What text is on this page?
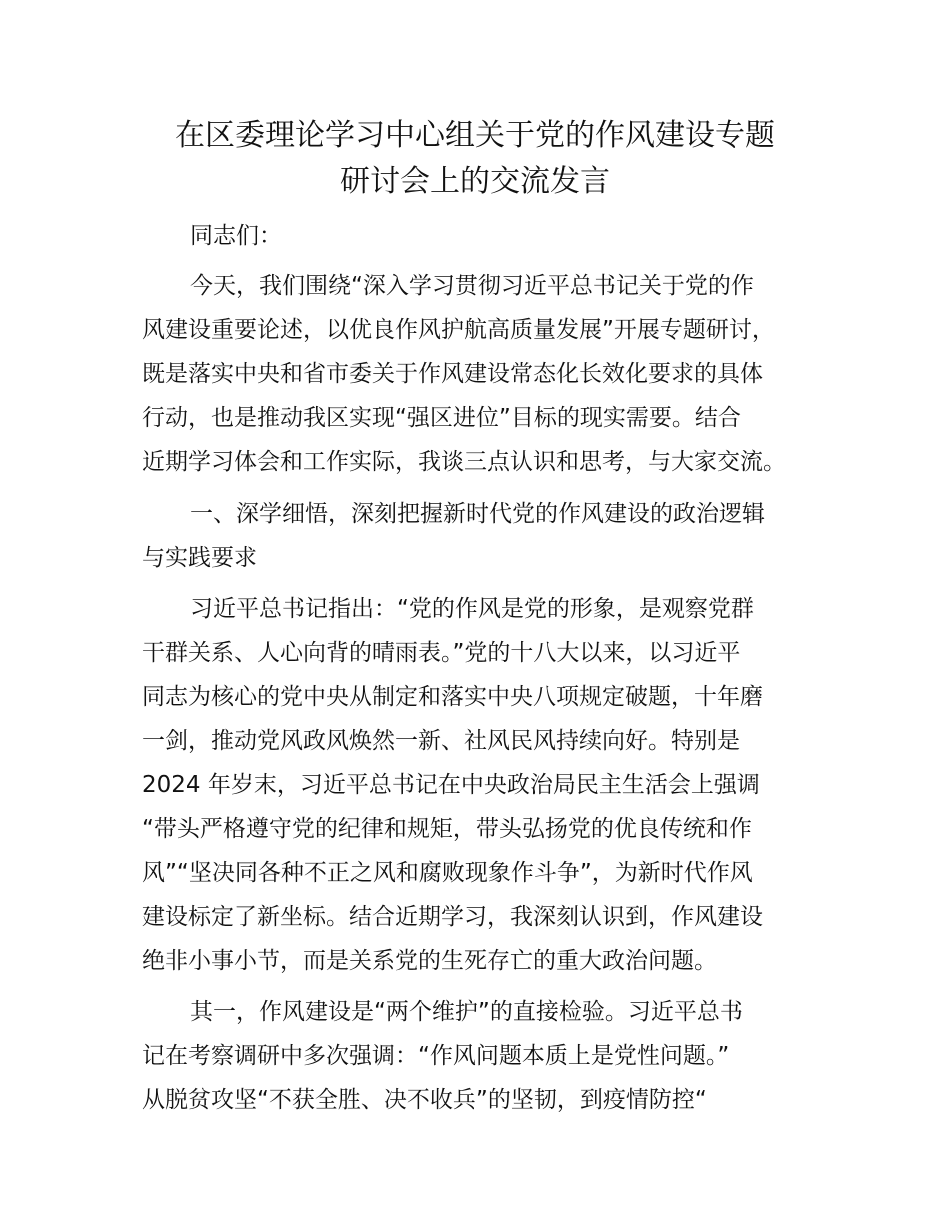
在区委理论学习中心组关于党的作风建设专题
研讨会上的交流发言

同志们：

今天，我们围绕“深入学习贯彻习近平总书记关于党的作

风建设重要论述，以优良作风护航高质量发展”开展专题研讨，

既是落实中央和省市委关于作风建设常态化长效化要求的具体

行动，也是推动我区实现“强区进位”目标的现实需要。结合

近期学习体会和工作实际，我谈三点认识和思考，与大家交流。

一、深学细悟，深刻把握新时代党的作风建设的政治逻辑

与实践要求

习近平总书记指出：“党的作风是党的形象，是观察党群

干群关系、人心向背的晴雨表。”党的十八大以来，以习近平

同志为核心的党中央从制定和落实中央八项规定破题，十年磨

一剑，推动党风政风焕然一新、社风民风持续向好。特别是

2024 年岁末，习近平总书记在中央政治局民主生活会上强调

“带头严格遵守党的纪律和规矩，带头弘扬党的优良传统和作

风”“坚决同各种不正之风和腐败现象作斗争”，为新时代作风

建设标定了新坐标。结合近期学习，我深刻认识到，作风建设

绝非小事小节，而是关系党的生死存亡的重大政治问题。

其一，作风建设是“两个维护”的直接检验。习近平总书

记在考察调研中多次强调：“作风问题本质上是党性问题。”

从脱贫攻坚“不获全胜、决不收兵”的坚韧，到疫情防控“
